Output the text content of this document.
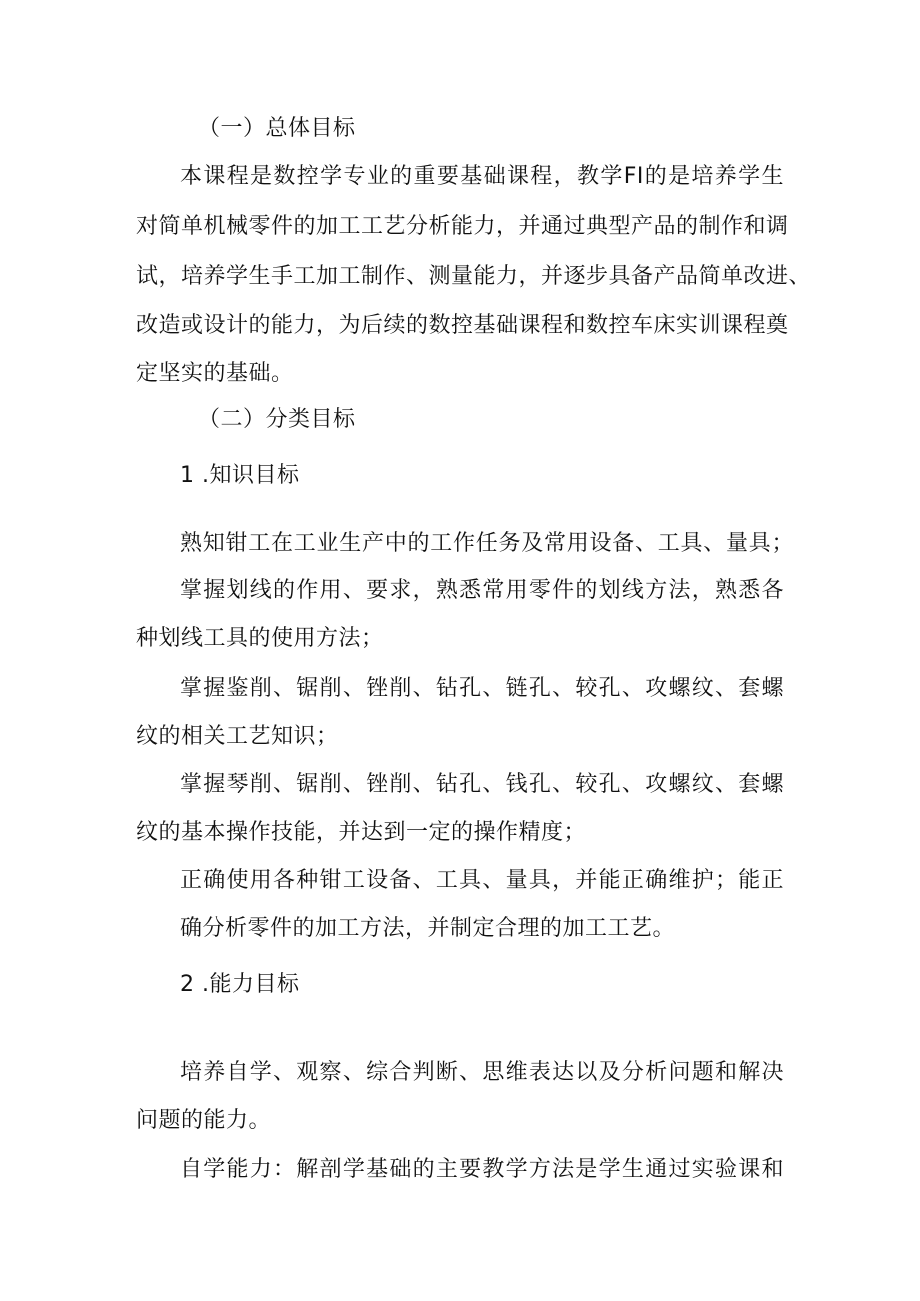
（一）总体目标
本课程是数控学专业的重要基础课程，教学FI的是培养学生
对简单机械零件的加工工艺分析能力，并通过典型产品的制作和调
试，培养学生手工加工制作、测量能力，并逐步具备产品简单改进、
改造或设计的能力，为后续的数控基础课程和数控车床实训课程奠
定坚实的基础。
（二）分类目标
1 .知识目标
熟知钳工在工业生产中的工作任务及常用设备、工具、量具；
掌握划线的作用、要求，熟悉常用零件的划线方法，熟悉各
种划线工具的使用方法；
掌握鉴削、锯削、锉削、钻孔、链孔、较孔、攻螺纹、套螺
纹的相关工艺知识；
掌握琴削、锯削、锉削、钻孔、钱孔、较孔、攻螺纹、套螺
纹的基本操作技能，并达到一定的操作精度；
正确使用各种钳工设备、工具、量具，并能正确维护；能正
确分析零件的加工方法，并制定合理的加工工艺。
2 .能力目标
培养自学、观察、综合判断、思维表达以及分析问题和解决
问题的能力。
自学能力：解剖学基础的主要教学方法是学生通过实验课和
